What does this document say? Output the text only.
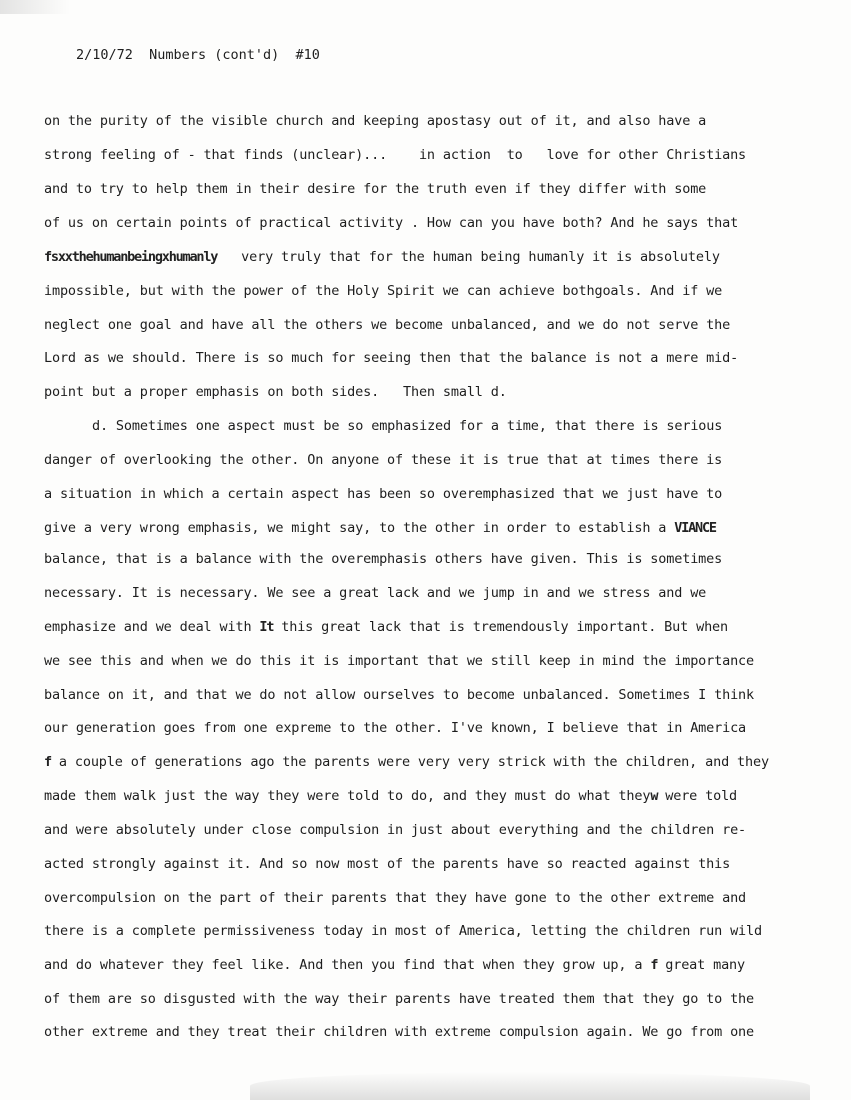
2/10/72 Numbers (cont'd) #10
on the purity of the visible church and keeping apostasy out of it, and also have a
strong feeling of - that finds (unclear)...    in action  to   love for other Christians
and to try to help them in their desire for the truth even if they differ with some
of us on certain points of practical activity . How can you have both? And he says that
fsxxthehumanbeingxhumanly very truly that for the human being humanly it is absolutely
impossible, but with the power of the Holy Spirit we can achieve bothgoals. And if we
neglect one goal and have all the others we become unbalanced, and we do not serve the
Lord as we should. There is so much for seeing then that the balance is not a mere mid-
point but a proper emphasis on both sides.   Then small d.
d. Sometimes one aspect must be so emphasized for a time, that there is serious
danger of overlooking the other. On anyone of these it is true that at times there is
a situation in which a certain aspect has been so overemphasized that we just have to
give a very wrong emphasis, we might say, to the other in order to establish a VIANCE
balance, that is a balance with the overemphasis others have given. This is sometimes
necessary. It is necessary. We see a great lack and we jump in and we stress and we
emphasize and we deal with It this great lack that is tremendously important. But when
we see this and when we do this it is important that we still keep in mind the importance
balance on it, and that we do not allow ourselves to become unbalanced. Sometimes I think
our generation goes from one expreme to the other. I've known, I believe that in America
f a couple of generations ago the parents were very very strick with the children, and they
made them walk just the way they were told to do, and they must do what theyw were told
and were absolutely under close compulsion in just about everything and the children re-
acted strongly against it. And so now most of the parents have so reacted against this
overcompulsion on the part of their parents that they have gone to the other extreme and
there is a complete permissiveness today in most of America, letting the children run wild
and do whatever they feel like. And then you find that when they grow up, a f great many
of them are so disgusted with the way their parents have treated them that they go to the
other extreme and they treat their children with extreme compulsion again. We go from one
